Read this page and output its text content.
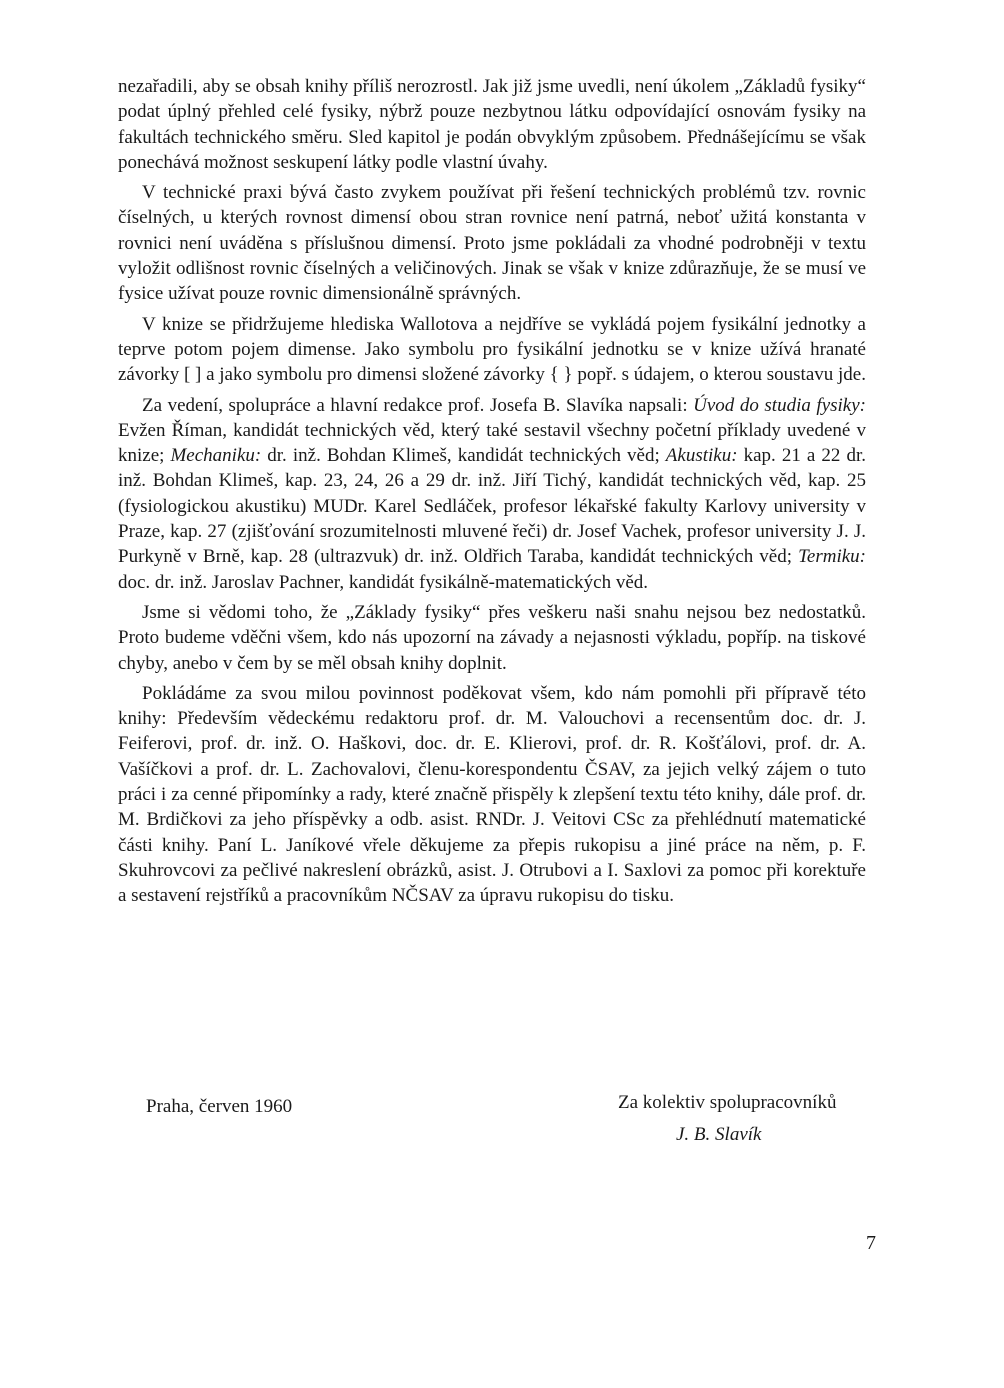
nezařadili, aby se obsah knihy příliš nerozrostl. Jak již jsme uvedli, není úkolem „Základů fysiky“ podat úplný přehled celé fysiky, nýbrž pouze nezbytnou látku odpovídající osnovám fysiky na fakultách technického směru. Sled kapitol je podán obvyklým způsobem. Přednášejícímu se však ponechává možnost seskupení látky podle vlastní úvahy.

V technické praxi bývá často zvykem používat při řešení technických problémů tzv. rovnic číselných, u kterých rovnost dimensí obou stran rovnice není patrná, neboť užitá konstanta v rovnici není uváděna s příslušnou dimensí. Proto jsme pokládali za vhodné podrobněji v textu vyložit odlišnost rovnic číselných a veličinových. Jinak se však v knize zdůrazňuje, že se musí ve fysice užívat pouze rovnic dimensionálně správných.

V knize se přidržujeme hlediska Wallotova a nejdříve se vykládá pojem fysikální jednotky a teprve potom pojem dimense. Jako symbolu pro fysikální jednotku se v knize užívá hranaté závorky [ ] a jako symbolu pro dimensi složené závorky { } popř. s údajem, o kterou soustavu jde.

Za vedení, spolupráce a hlavní redakce prof. Josefa B. Slavíka napsali: Úvod do studia fysiky: Evžen Říman, kandidát technických věd, který také sestavil všechny početní příklady uvedené v knize; Mechaniku: dr. inž. Bohdan Klimeš, kandidát technických věd; Akustiku: kap. 21 a 22 dr. inž. Bohdan Klimeš, kap. 23, 24, 26 a 29 dr. inž. Jiří Tichý, kandidát technických věd, kap. 25 (fysiologickou akustiku) MUDr. Karel Sedláček, profesor lékařské fakulty Karlovy university v Praze, kap. 27 (zjišťování srozumitelnosti mluvené řeči) dr. Josef Vachek, profesor university J. J. Purkyně v Brně, kap. 28 (ultrazvuk) dr. inž. Oldřich Taraba, kandidát technických věd; Termiku: doc. dr. inž. Jaroslav Pachner, kandidát fysikálně-matematických věd.

Jsme si vědomi toho, že „Základy fysiky“ přes veškeru naši snahu nejsou bez nedostatků. Proto budeme vděčni všem, kdo nás upozorní na závady a nejasnosti výkladu, popříp. na tiskové chyby, anebo v čem by se měl obsah knihy doplnit.

Pokládáme za svou milou povinnost poděkovat všem, kdo nám pomohli při přípravě této knihy: Především vědeckému redaktoru prof. dr. M. Valouchovi a recensentům doc. dr. J. Feiferovi, prof. dr. inž. O. Haškovi, doc. dr. E. Klierovi, prof. dr. R. Košťálovi, prof. dr. A. Vašíčkovi a prof. dr. L. Zachovalovi, členu-korespondentu ČSAV, za jejich velký zájem o tuto práci i za cenné připomínky a rady, které značně přispěly k zlepšení textu této knihy, dále prof. dr. M. Brdičkovi za jeho příspěvky a odb. asist. RNDr. J. Veitovi CSc za přehlédnutí matematické části knihy. Paní L. Janíkové vřele děkujeme za přepis rukopisu a jiné práce na něm, p. F. Skuhrovcovi za pečlivé nakreslení obrázků, asist. J. Otrubovi a I. Saxlovi za pomoc při korektuře a sestavení rejstříků a pracovníkům NČSAV za úpravu rukopisu do tisku.

Praha, červen 1960	Za kolektiv spolupracovníků
J. B. Slavík
7
